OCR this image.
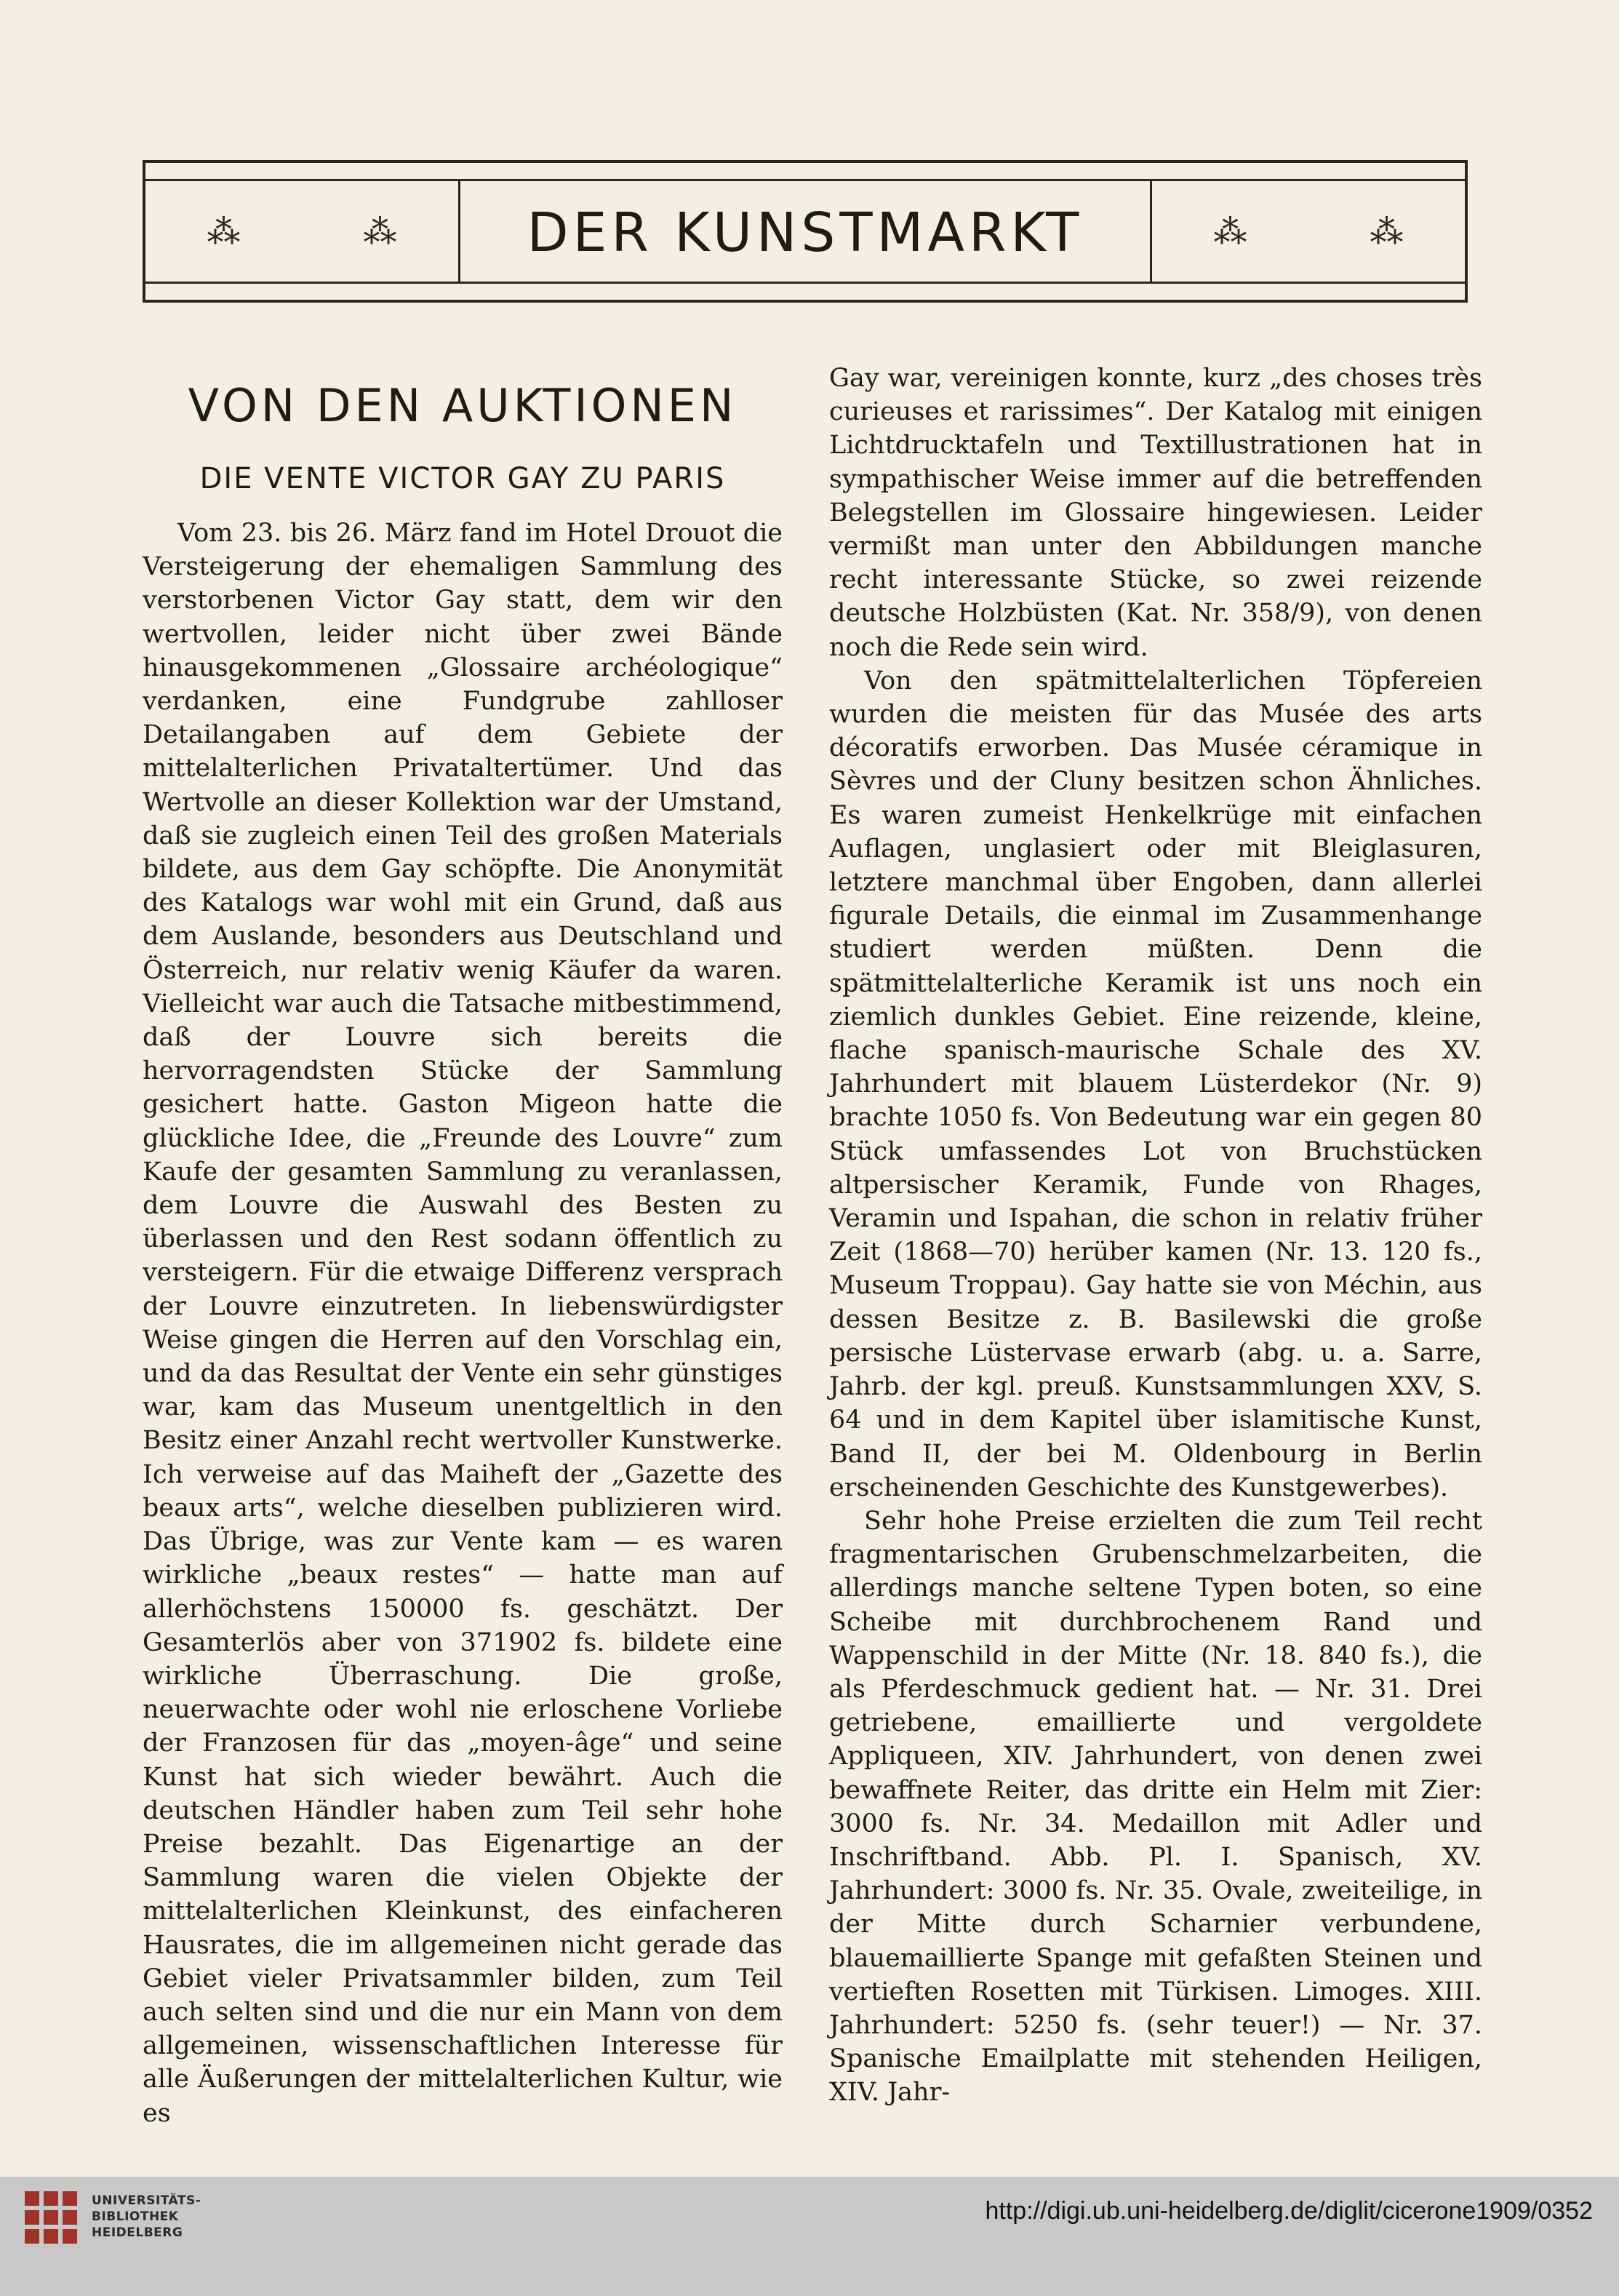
⁂	⁂ DER KUNSTMARKT	⁂	⁂
VON DEN AUKTIONEN
DIE VENTE VICTOR GAY ZU PARIS

Vom 23. bis 26. März fand im Hotel Drouot die Versteigerung der ehemaligen Sammlung des verstorbenen Victor Gay statt, dem wir den wertvollen, leider nicht über zwei Bände hinausgekommenen „Glossaire archéologique“ verdanken, eine Fundgrube zahlloser Detailangaben auf dem Gebiete der mittelalterlichen Privataltertümer. Und das Wertvolle an dieser Kollektion war der Umstand, daß sie zugleich einen Teil des großen Materials bildete, aus dem Gay schöpfte. Die Anonymität des Katalogs war wohl mit ein Grund, daß aus dem Auslande, besonders aus Deutschland und Österreich, nur relativ wenig Käufer da waren. Vielleicht war auch die Tatsache mitbestimmend, daß der Louvre sich bereits die hervorragendsten Stücke der Sammlung gesichert hatte. Gaston Migeon hatte die glückliche Idee, die „Freunde des Louvre“ zum Kaufe der gesamten Sammlung zu veranlassen, dem Louvre die Auswahl des Besten zu überlassen und den Rest sodann öffentlich zu versteigern. Für die etwaige Differenz versprach der Louvre einzutreten. In liebenswürdigster Weise gingen die Herren auf den Vorschlag ein, und da das Resultat der Vente ein sehr günstiges war, kam das Museum unentgeltlich in den Besitz einer Anzahl recht wertvoller Kunstwerke. Ich verweise auf das Maiheft der „Gazette des beaux arts“, welche dieselben publizieren wird. Das Übrige, was zur Vente kam — es waren wirkliche „beaux restes“ — hatte man auf allerhöchstens 150000 fs. geschätzt. Der Gesamterlös aber von 371902 fs. bildete eine wirkliche Überraschung. Die große, neuerwachte oder wohl nie erloschene Vorliebe der Franzosen für das „moyen-âge“ und seine Kunst hat sich wieder bewährt. Auch die deutschen Händler haben zum Teil sehr hohe Preise bezahlt. Das Eigenartige an der Sammlung waren die vielen Objekte der mittelalterlichen Kleinkunst, des einfacheren Hausrates, die im allgemeinen nicht gerade das Gebiet vieler Privatsammler bilden, zum Teil auch selten sind und die nur ein Mann von dem allgemeinen, wissenschaftlichen Interesse für alle Äußerungen der mittelalterlichen Kultur, wie es

Gay war, vereinigen konnte, kurz „des choses très curieuses et rarissimes“. Der Katalog mit einigen Lichtdrucktafeln und Textillustrationen hat in sympathischer Weise immer auf die betreffenden Belegstellen im Glossaire hingewiesen. Leider vermißt man unter den Abbildungen manche recht interessante Stücke, so zwei reizende deutsche Holzbüsten (Kat. Nr. 358/9), von denen noch die Rede sein wird.

Von den spätmittelalterlichen Töpfereien wurden die meisten für das Musée des arts décoratifs erworben. Das Musée céramique in Sèvres und der Cluny besitzen schon Ähnliches. Es waren zumeist Henkelkrüge mit einfachen Auflagen, unglasiert oder mit Bleiglasuren, letztere manchmal über Engoben, dann allerlei figurale Details, die einmal im Zusammenhange studiert werden müßten. Denn die spätmittelalterliche Keramik ist uns noch ein ziemlich dunkles Gebiet. Eine reizende, kleine, flache spanisch-maurische Schale des XV. Jahrhundert mit blauem Lüsterdekor (Nr. 9) brachte 1050 fs. Von Bedeutung war ein gegen 80 Stück umfassendes Lot von Bruchstücken altpersischer Keramik, Funde von Rhages, Veramin und Ispahan, die schon in relativ früher Zeit (1868—70) herüber kamen (Nr. 13. 120 fs., Museum Troppau). Gay hatte sie von Méchin, aus dessen Besitze z. B. Basilewski die große persische Lüstervase erwarb (abg. u. a. Sarre, Jahrb. der kgl. preuß. Kunstsammlungen XXV, S. 64 und in dem Kapitel über islamitische Kunst, Band II, der bei M. Oldenbourg in Berlin erscheinenden Geschichte des Kunstgewerbes).

Sehr hohe Preise erzielten die zum Teil recht fragmentarischen Grubenschmelzarbeiten, die allerdings manche seltene Typen boten, so eine Scheibe mit durchbrochenem Rand und Wappenschild in der Mitte (Nr. 18. 840 fs.), die als Pferdeschmuck gedient hat. — Nr. 31. Drei getriebene, emaillierte und vergoldete Appliqueen, XIV. Jahrhundert, von denen zwei bewaffnete Reiter, das dritte ein Helm mit Zier: 3000 fs. Nr. 34. Medaillon mit Adler und Inschriftband. Abb. Pl. I. Spanisch, XV. Jahrhundert: 3000 fs. Nr. 35. Ovale, zweiteilige, in der Mitte durch Scharnier verbundene, blauemaillierte Spange mit gefaßten Steinen und vertieften Rosetten mit Türkisen. Limoges. XIII. Jahrhundert: 5250 fs. (sehr teuer!) — Nr. 37. Spanische Emailplatte mit stehenden Heiligen, XIV. Jahr-

UNIVERSITÄTS-
BIBLIOTHEK
HEIDELBERG
http://digi.ub.uni-heidelberg.de/diglit/cicerone1909/0352
